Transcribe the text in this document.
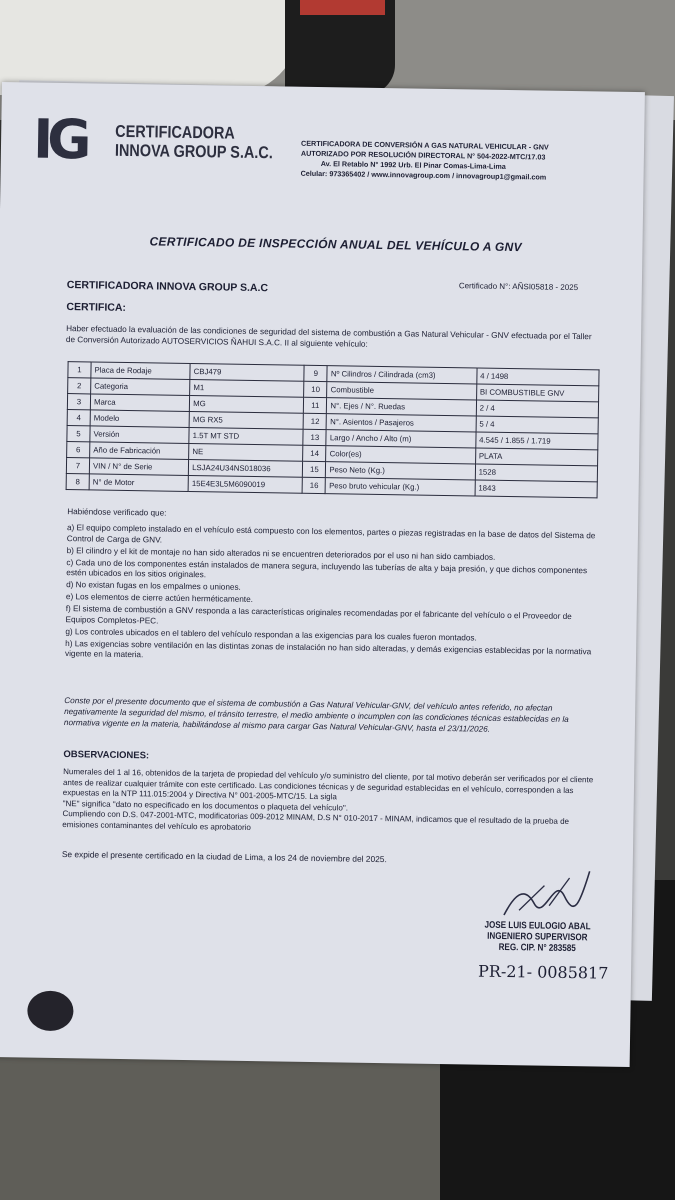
IG CERTIFICADORA
INNOVA GROUP S.A.C.	CERTIFICADORA DE CONVERSIÓN A GAS NATURAL VEHICULAR - GNV
AUTORIZADO POR RESOLUCIÓN DIRECTORAL N° 504-2022-MTC/17.03
Av. El Retablo N° 1992 Urb. El Pinar Comas-Lima-Lima
Celular: 973365402 / www.innovagroup.com / innovagroup1@gmail.com
CERTIFICADO DE INSPECCIÓN ANUAL DEL VEHÍCULO A GNV
Certificado N°: AÑSI05818 - 2025
CERTIFICADORA INNOVA GROUP S.A.C
CERTIFICA:
Haber efectuado la evaluación de las condiciones de seguridad del sistema de combustión a Gas Natural Vehicular - GNV efectuada por el Taller de Conversión Autorizado AUTOSERVICIOS ÑAHUI S.A.C. II al siguiente vehículo:
1	Placa de Rodaje	CBJ479	9	Nº Cilindros / Cilindrada (cm3)	4 / 1498
2	Categoria	M1	10	Combustible	BI COMBUSTIBLE GNV
3	Marca	MG	11	N°. Ejes / N°. Ruedas	2 / 4
4	Modelo	MG RX5	12	N°. Asientos / Pasajeros	5 / 4
5	Versión	1.5T MT STD	13	Largo / Ancho / Alto (m)	4.545 / 1.855 / 1.719
6	Año de Fabricación	NE	14	Color(es)	PLATA
7	VIN / N° de Serie	LSJA24U34NS018036	15	Peso Neto (Kg.)	1528
8	N° de Motor	15E4E3L5M6090019	16	Peso bruto vehicular (Kg.)	1843
Habiéndose verificado que:
a) El equipo completo instalado en el vehículo está compuesto con los elementos, partes o piezas registradas en la base de datos del Sistema de Control de Carga de GNV.
b) El cilindro y el kit de montaje no han sido alterados ni se encuentren deteriorados por el uso ni han sido cambiados.
c) Cada uno de los componentes están instalados de manera segura, incluyendo las tuberías de alta y baja presión, y que dichos componentes estén ubicados en los sitios originales.
d) No existan fugas en los empalmes o uniones.
e) Los elementos de cierre actúen herméticamente.
f) El sistema de combustión a GNV responda a las características originales recomendadas por el fabricante del vehículo o el Proveedor de Equipos Completos-PEC.
g) Los controles ubicados en el tablero del vehículo respondan a las exigencias para los cuales fueron montados.
h) Las exigencias sobre ventilación en las distintas zonas de instalación no han sido alteradas, y demás exigencias establecidas por la normativa vigente en la materia.
Conste por el presente documento que el sistema de combustión a Gas Natural Vehicular-GNV, del vehículo antes referido, no afectan negativamente la seguridad del mismo, el tránsito terrestre, el medio ambiente o incumplen con las condiciones técnicas establecidas en la normativa vigente en la materia, habilitándose al mismo para cargar Gas Natural Vehicular-GNV, hasta el 23/11/2026.
OBSERVACIONES:
Numerales del 1 al 16, obtenidos de la tarjeta de propiedad del vehículo y/o suministro del cliente, por tal motivo deberán ser verificados por el cliente antes de realizar cualquier trámite con este certificado. Las condiciones técnicas y de seguridad establecidas en el vehículo, corresponden a las expuestas en la NTP 111.015:2004 y Directiva N° 001-2005-MTC/15. La sigla
"NE" significa "dato no especificado en los documentos o plaqueta del vehículo".
Cumpliendo con D.S. 047-2001-MTC, modificatorias 009-2012 MINAM, D.S N° 010-2017 - MINAM, indicamos que el resultado de la prueba de emisiones contaminantes del vehículo es aprobatorio
Se expide el presente certificado en la ciudad de Lima, a los 24 de noviembre del 2025.
JOSE LUIS EULOGIO ABAL
INGENIERO SUPERVISOR
REG. CIP. N° 283585
PR-21- 0085817
